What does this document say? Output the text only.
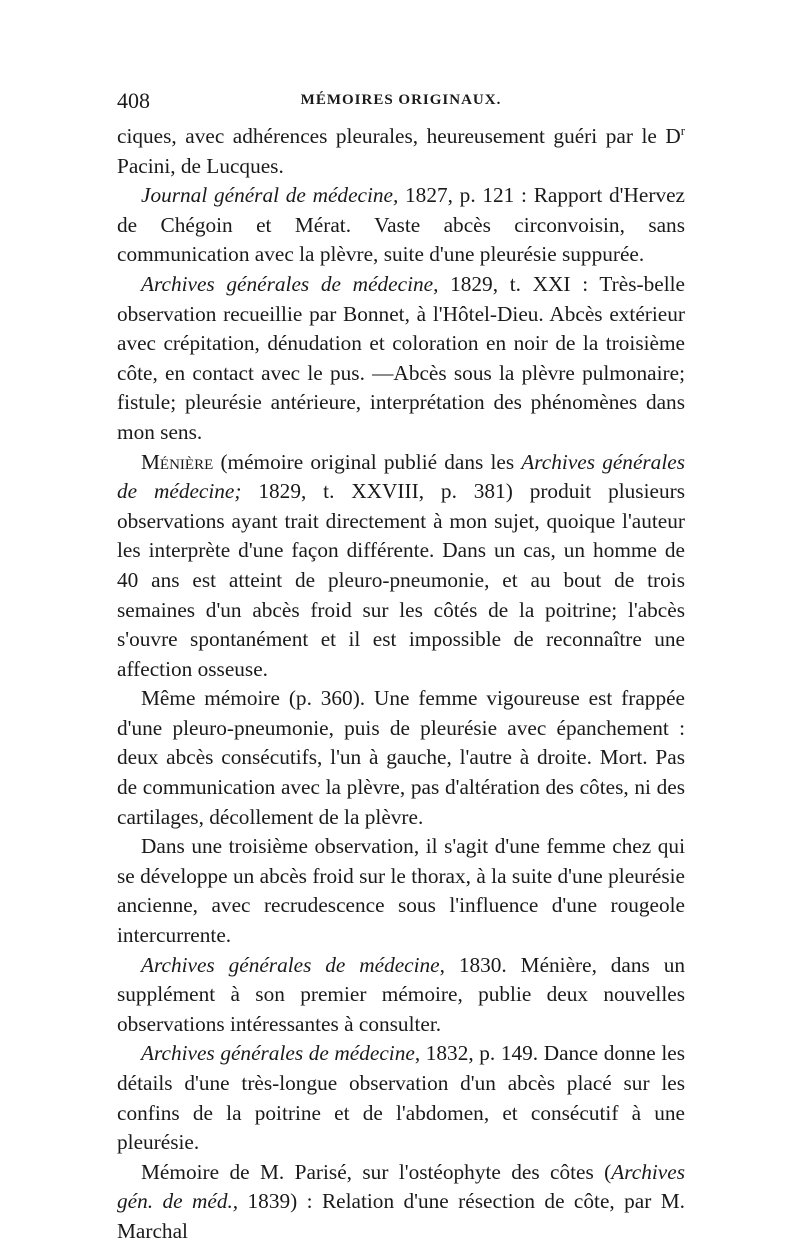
408	MÉMOIRES ORIGINAUX.

ciques, avec adhérences pleurales, heureusement guéri par le $D^r$ Pacini, de Lucques.

Journal général de médecine, 1827, p. 121 : Rapport d'Hervez de Chégoin et Mérat. Vaste abcès circonvoisin, sans communication avec la plèvre, suite d'une pleurésie suppurée.

Archives générales de médecine, 1829, t. XXI : Très-belle observation recueillie par Bonnet, à l'Hôtel-Dieu. Abcès extérieur avec crépitation, dénudation et coloration en noir de la troisième côte, en contact avec le pus. —Abcès sous la plèvre pulmonaire; fistule; pleurésie antérieure, interprétation des phénomènes dans mon sens.

Ménière (mémoire original publié dans les Archives générales de médecine; 1829, t. XXVIII, p. 381) produit plusieurs observations ayant trait directement à mon sujet, quoique l'auteur les interprète d'une façon différente. Dans un cas, un homme de 40 ans est atteint de pleuro-pneumonie, et au bout de trois semaines d'un abcès froid sur les côtés de la poitrine; l'abcès s'ouvre spontanément et il est impossible de reconnaître une affection osseuse.

Même mémoire (p. 360). Une femme vigoureuse est frappée d'une pleuro-pneumonie, puis de pleurésie avec épanchement : deux abcès consécutifs, l'un à gauche, l'autre à droite. Mort. Pas de communication avec la plèvre, pas d'altération des côtes, ni des cartilages, décollement de la plèvre.

Dans une troisième observation, il s'agit d'une femme chez qui se développe un abcès froid sur le thorax, à la suite d'une pleurésie ancienne, avec recrudescence sous l'influence d'une rougeole intercurrente.

Archives générales de médecine, 1830. Ménière, dans un supplément à son premier mémoire, publie deux nouvelles observations intéressantes à consulter.

Archives générales de médecine, 1832, p. 149. Dance donne les détails d'une très-longue observation d'un abcès placé sur les confins de la poitrine et de l'abdomen, et consécutif à une pleurésie.

Mémoire de M. Parisé, sur l'ostéophyte des côtes (Archives gén. de méd., 1839) : Relation d'une résection de côte, par M. Marchal
